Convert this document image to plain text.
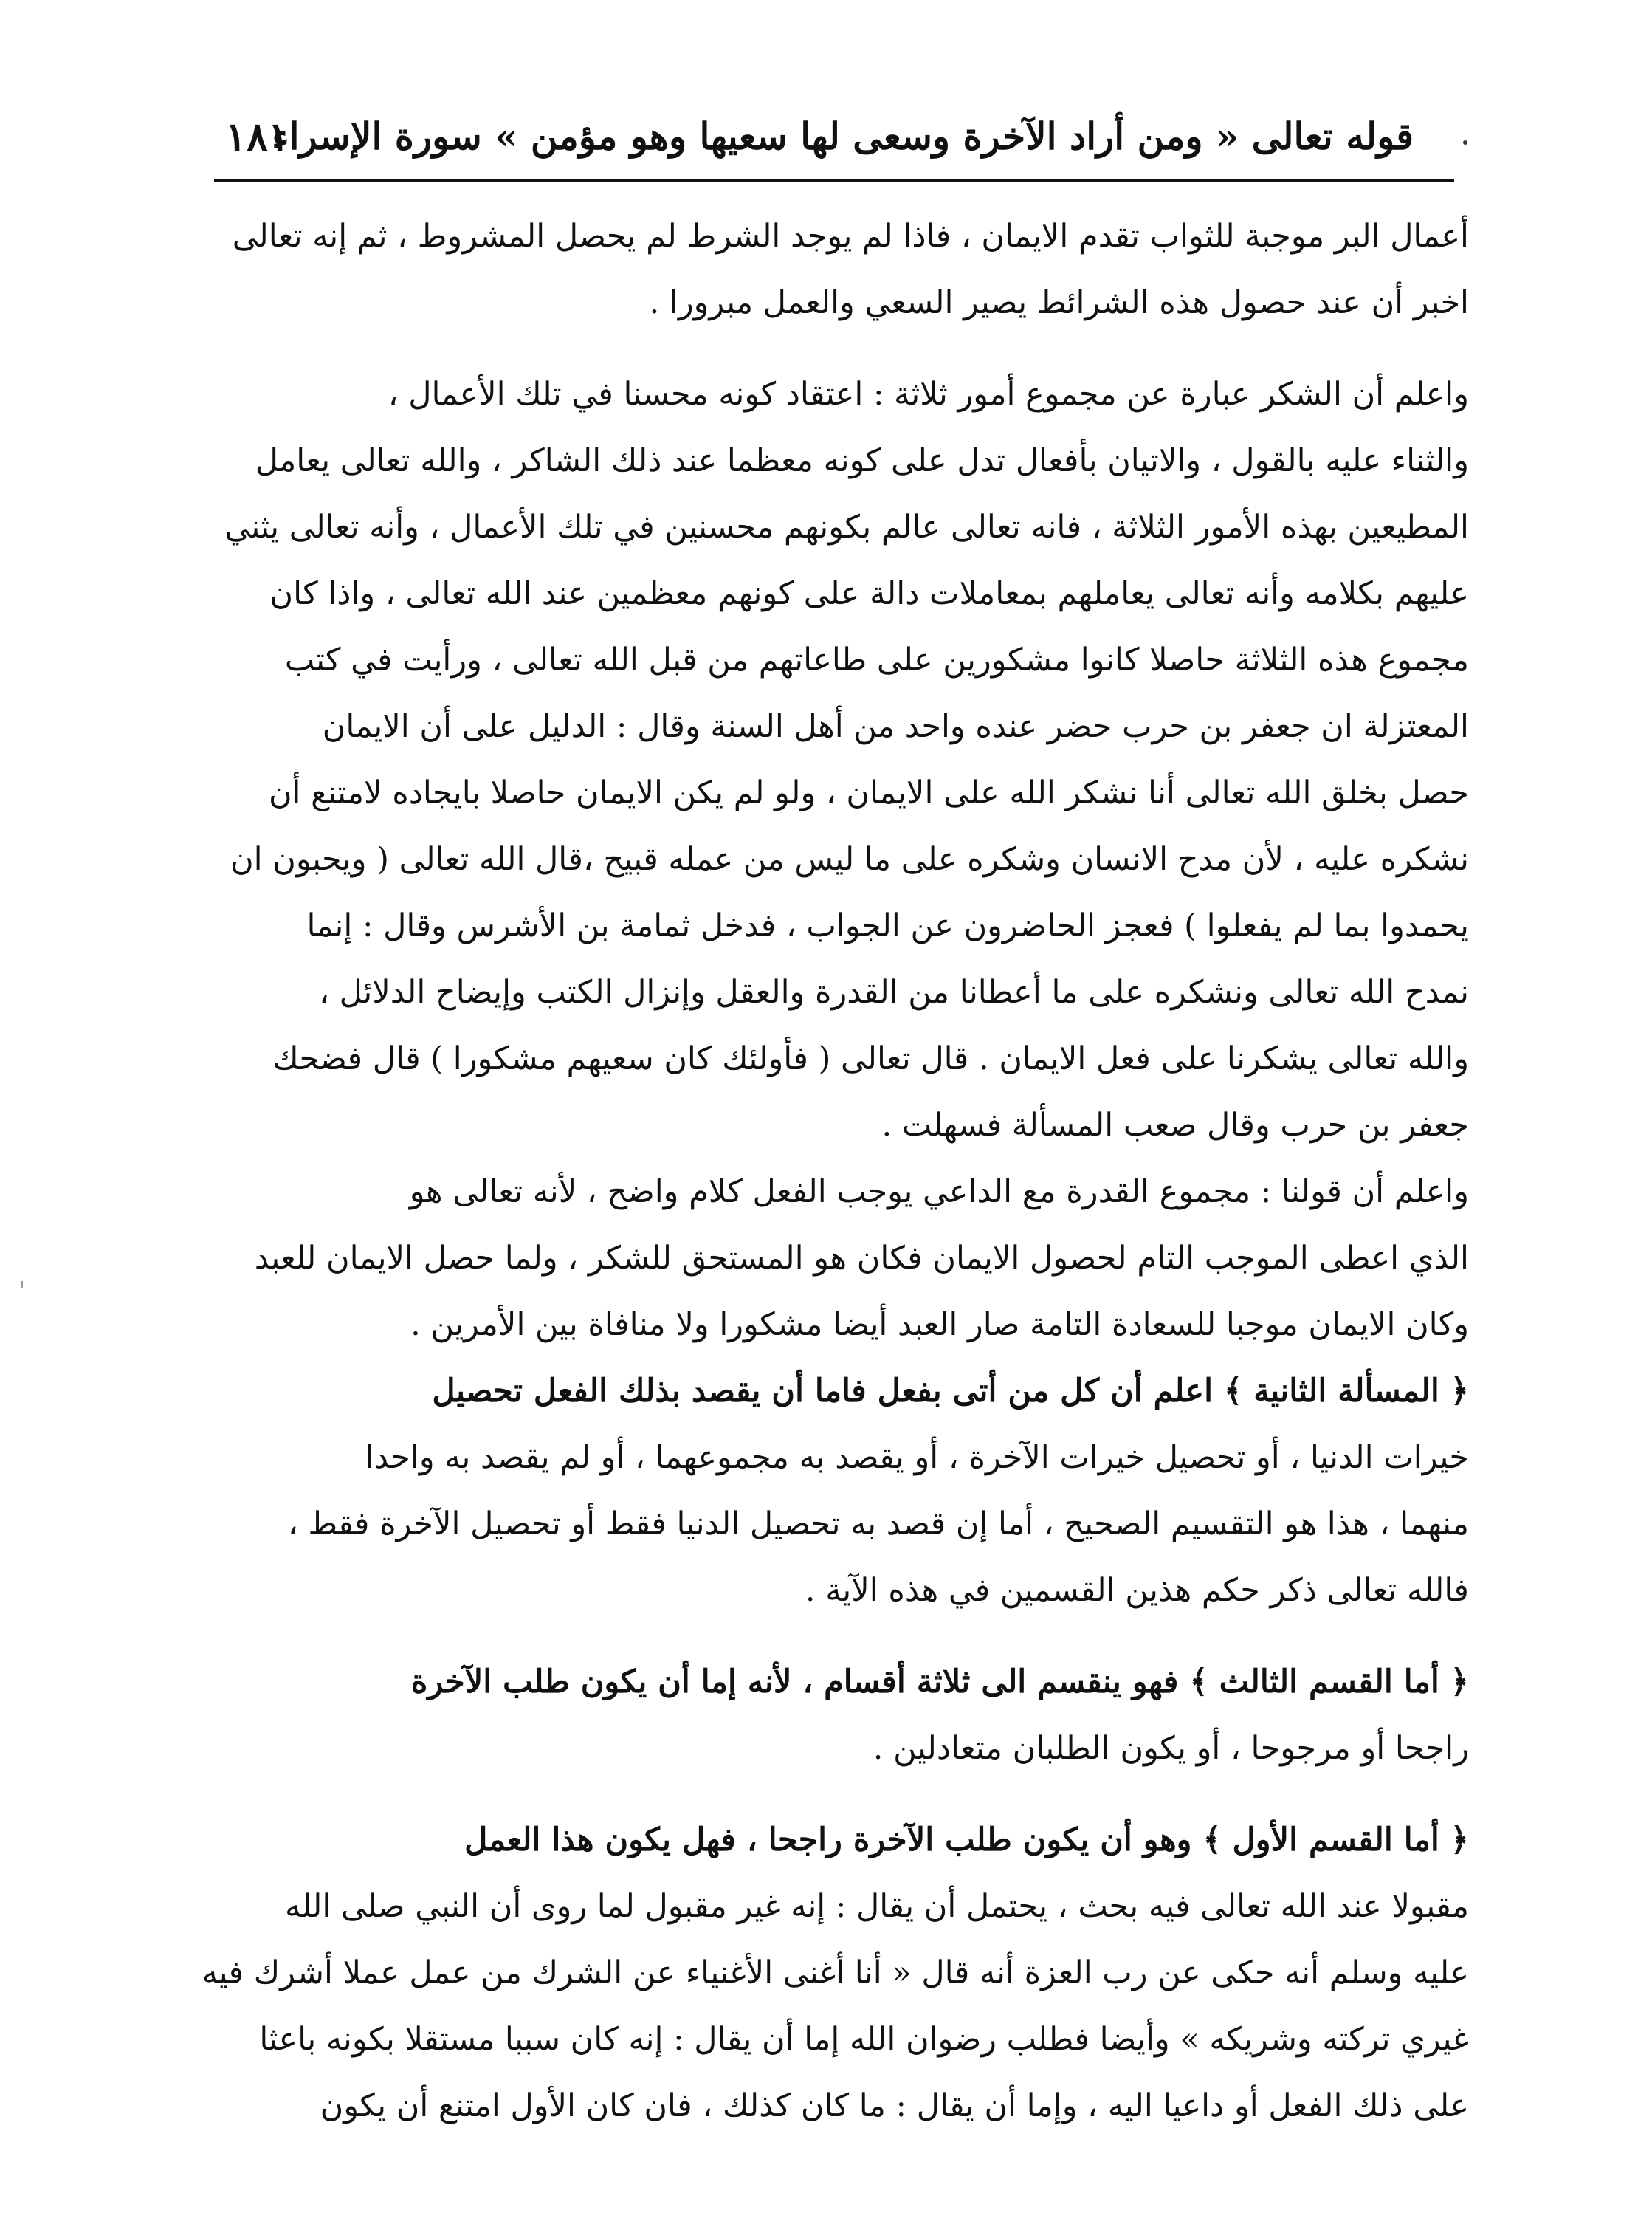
قوله تعالى « ومن أراد الآخرة وسعى لها سعيها وهو مؤمن » سورة الإسراء
١٨١

أعمال البر موجبة للثواب تقدم الايمان ، فاذا لم يوجد الشرط لم يحصل المشروط ، ثم إنه تعالى
اخبر أن عند حصول هذه الشرائط يصير السعي والعمل مبرورا .

واعلم أن الشكر عبارة عن مجموع أمور ثلاثة : اعتقاد كونه محسنا في تلك الأعمال ،
والثناء عليه بالقول ، والاتيان بأفعال تدل على كونه معظما عند ذلك الشاكر ، والله تعالى يعامل
المطيعين بهذه الأمور الثلاثة ، فانه تعالى عالم بكونهم محسنين في تلك الأعمال ، وأنه تعالى يثني
عليهم بكلامه وأنه تعالى يعاملهم بمعاملات دالة على كونهم معظمين عند الله تعالى ، واذا كان
مجموع هذه الثلاثة حاصلا كانوا مشكورين على طاعاتهم من قبل الله تعالى ، ورأيت في كتب
المعتزلة ان جعفر بن حرب حضر عنده واحد من أهل السنة وقال : الدليل على أن الايمان
حصل بخلق الله تعالى أنا نشكر الله على الايمان ، ولو لم يكن الايمان حاصلا بايجاده لامتنع أن
نشكره عليه ، لأن مدح الانسان وشكره على ما ليس من عمله قبيح ،قال الله تعالى ( ويحبون ان
يحمدوا بما لم يفعلوا ) فعجز الحاضرون عن الجواب ، فدخل ثمامة بن الأشرس وقال : إنما
نمدح الله تعالى ونشكره على ما أعطانا من القدرة والعقل وإنزال الكتب وإيضاح الدلائل ،
والله تعالى يشكرنا على فعل الايمان . قال تعالى ( فأولئك كان سعيهم مشكورا ) قال فضحك
جعفر بن حرب وقال صعب المسألة فسهلت .

واعلم أن قولنا : مجموع القدرة مع الداعي يوجب الفعل كلام واضح ، لأنه تعالى هو
الذي اعطى الموجب التام لحصول الايمان فكان هو المستحق للشكر ، ولما حصل الايمان للعبد
وكان الايمان موجبا للسعادة التامة صار العبد أيضا مشكورا ولا منافاة بين الأمرين .

﴿ المسألة الثانية ﴾ اعلم أن كل من أتى بفعل فاما أن يقصد بذلك الفعل تحصيل
خيرات الدنيا ، أو تحصيل خيرات الآخرة ، أو يقصد به مجموعهما ، أو لم يقصد به واحدا
منهما ، هذا هو التقسيم الصحيح ، أما إن قصد به تحصيل الدنيا فقط أو تحصيل الآخرة فقط ،
فالله تعالى ذكر حكم هذين القسمين في هذه الآية .

﴿ أما القسم الثالث ﴾ فهو ينقسم الى ثلاثة أقسام ، لأنه إما أن يكون طلب الآخرة
راجحا أو مرجوحا ، أو يكون الطلبان متعادلين .

﴿ أما القسم الأول ﴾ وهو أن يكون طلب الآخرة راجحا ، فهل يكون هذا العمل
مقبولا عند الله تعالى فيه بحث ، يحتمل أن يقال : إنه غير مقبول لما روى أن النبي صلى الله
عليه وسلم أنه حكى عن رب العزة أنه قال « أنا أغنى الأغنياء عن الشرك من عمل عملا أشرك فيه
غيري تركته وشريكه » وأيضا فطلب رضوان الله إما أن يقال : إنه كان سببا مستقلا بكونه باعثا
على ذلك الفعل أو داعيا اليه ، وإما أن يقال : ما كان كذلك ، فان كان الأول امتنع أن يكون
